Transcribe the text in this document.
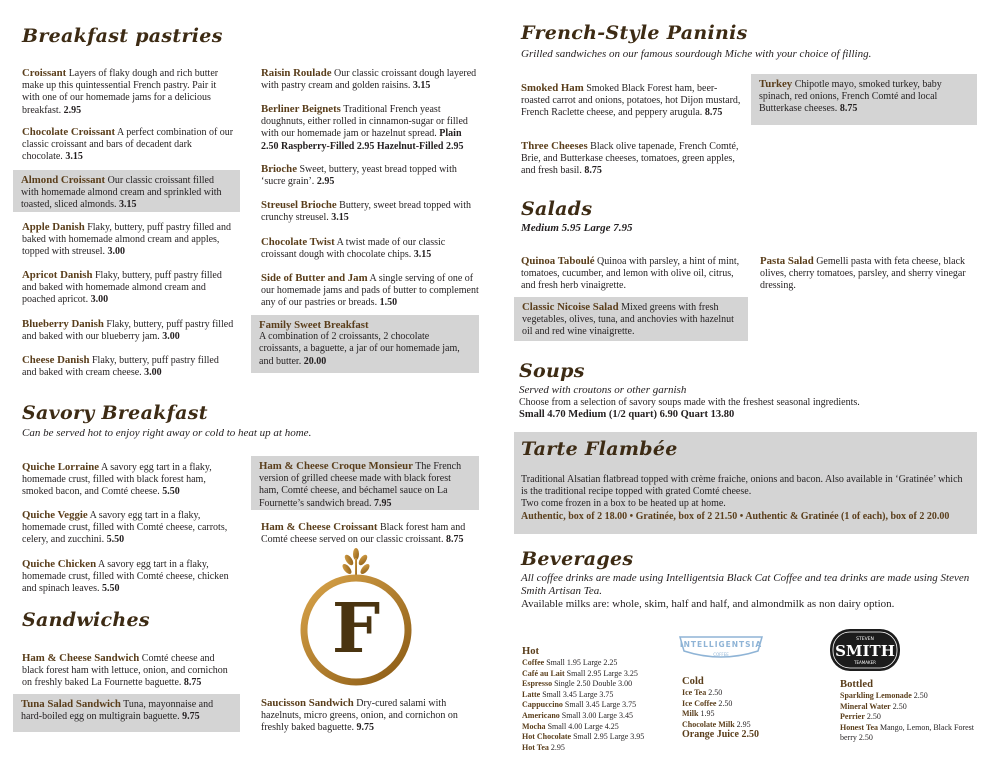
Breakfast pastries
Croissant Layers of flaky dough and rich butter make up this quintessential French pastry. Pair it with one of our homemade jams for a delicious breakfast. 2.95
Chocolate Croissant A perfect combination of our classic croissant and bars of decadent dark chocolate. 3.15
Almond Croissant Our classic croissant filled with homemade almond cream and sprinkled with toasted, sliced almonds. 3.15
Apple Danish Flaky, buttery, puff pastry filled and baked with homemade almond cream and apples, topped with streusel. 3.00
Apricot Danish Flaky, buttery, puff pastry filled and baked with homemade almond cream and poached apricot. 3.00
Blueberry Danish Flaky, buttery, puff pastry filled and baked with our blueberry jam. 3.00
Cheese Danish Flaky, buttery, puff pastry filled and baked with cream cheese. 3.00
Raisin Roulade Our classic croissant dough layered with pastry cream and golden raisins. 3.15
Berliner Beignets Traditional French yeast doughnuts, either rolled in cinnamon-sugar or filled with our homemade jam or hazelnut spread. Plain 2.50 Raspberry-Filled 2.95 Hazelnut-Filled 2.95
Brioche Sweet, buttery, yeast bread topped with ‘sucre grain’. 2.95
Streusel Brioche Buttery, sweet bread topped with crunchy streusel. 3.15
Chocolate Twist A twist made of our classic croissant dough with chocolate chips. 3.15
Side of Butter and Jam A single serving of one of our homemade jams and pads of butter to complement any of our pastries or breads. 1.50
Family Sweet Breakfast
A combination of 2 croissants, 2 chocolate croissants, a baguette, a jar of our homemade jam, and butter. 20.00
Savory Breakfast
Can be served hot to enjoy right away or cold to heat up at home.
Quiche Lorraine A savory egg tart in a flaky, homemade crust, filled with black forest ham, smoked bacon, and Comté cheese. 5.50
Quiche Veggie A savory egg tart in a flaky, homemade crust, filled with Comté cheese, carrots, celery, and zucchini. 5.50
Quiche Chicken A savory egg tart in a flaky, homemade crust, filled with Comté cheese, chicken and spinach leaves. 5.50
Ham & Cheese Croque Monsieur The French version of grilled cheese made with black forest ham, Comté cheese, and béchamel sauce on La Fournette’s sandwich bread. 7.95
Ham & Cheese Croissant Black forest ham and Comté cheese served on our classic croissant. 8.75
Sandwiches
Ham & Cheese Sandwich Comté cheese and black forest ham with lettuce, onion, and cornichon on freshly baked La Fournette baguette. 8.75
Tuna Salad Sandwich Tuna, mayonnaise and hard-boiled egg on multigrain baguette. 9.75
Saucisson Sandwich Dry-cured salami with hazelnuts, micro greens, onion, and cornichon on freshly baked baguette. 9.75
F
French-Style Paninis
Grilled sandwiches on our famous sourdough Miche with your choice of filling.
Smoked Ham Smoked Black Forest ham, beer-roasted carrot and onions, potatoes, hot Dijon mustard, French Raclette cheese, and peppery arugula. 8.75
Turkey Chipotle mayo, smoked turkey, baby spinach, red onions, French Comté and local Butterkase cheeses. 8.75
Three Cheeses Black olive tapenade, French Comté, Brie, and Butterkase cheeses, tomatoes, green apples, and fresh basil. 8.75
Salads
Medium 5.95 Large 7.95
Quinoa Taboulé Quinoa with parsley, a hint of mint, tomatoes, cucumber, and lemon with olive oil, citrus, and fresh herb vinaigrette.
Pasta Salad Gemelli pasta with feta cheese, black olives, cherry tomatoes, parsley, and sherry vinegar dressing.
Classic Nicoise Salad Mixed greens with fresh vegetables, olives, tuna, and anchovies with hazelnut oil and red wine vinaigrette.
Soups
Served with croutons or other garnish
Choose from a selection of savory soups made with the freshest seasonal ingredients.
Small 4.70 Medium (1/2 quart) 6.90 Quart 13.80
Tarte Flambée
Traditional Alsatian flatbread topped with crème fraiche, onions and bacon. Also available in ‘Gratinée’ which is the traditional recipe topped with grated Comté cheese.
Two come frozen in a box to be heated up at home.
Authentic, box of 2 18.00 • Gratinée, box of 2 21.50 • Authentic & Gratinée (1 of each), box of 2 20.00
Beverages
All coffee drinks are made using Intelligentsia Black Cat Coffee and tea drinks are made using Steven Smith Artisan Tea.
Available milks are: whole, skim, half and half, and almondmilk as non dairy option.
Hot
Coffee Small 1.95 Large 2.25
Café au Lait Small 2.95 Large 3.25
Espresso Single 2.50 Double 3.00
Latte Small 3.45 Large 3.75
Cappuccino Small 3.45 Large 3.75
Americano Small 3.00 Large 3.45
Mocha Small 4.00 Large 4.25
Hot Chocolate Small 2.95 Large 3.95
Hot Tea 2.95
INTELLIGENTSIA
COFFEE
Cold
Ice Tea 2.50
Ice Coffee 2.50
Milk 1.95
Chocolate Milk 2.95
Orange Juice 2.50
STEVEN
SMITH
TEAMAKER
Bottled
Sparkling Lemonade 2.50
Mineral Water 2.50
Perrier 2.50
Honest Tea Mango, Lemon, Black Forest berry 2.50
